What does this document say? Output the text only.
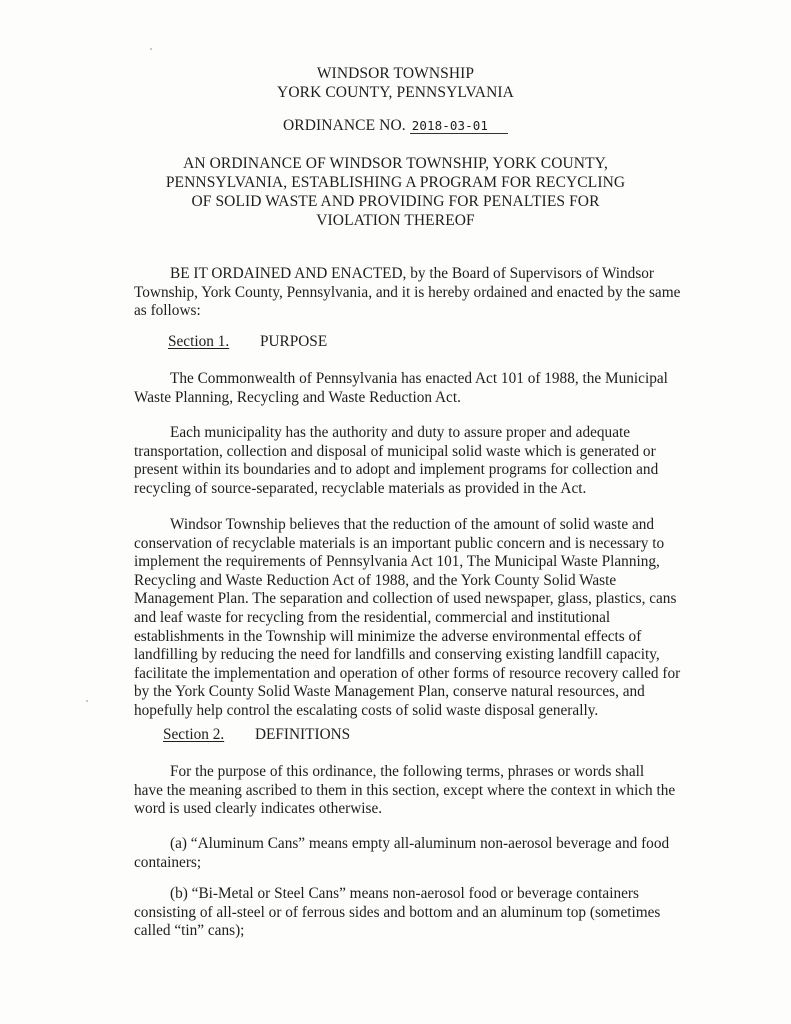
WINDSOR TOWNSHIP
YORK COUNTY, PENNSYLVANIA
ORDINANCE NO. 2018-03-01
AN ORDINANCE OF WINDSOR TOWNSHIP, YORK COUNTY,
PENNSYLVANIA, ESTABLISHING A PROGRAM FOR RECYCLING
OF SOLID WASTE AND PROVIDING FOR PENALTIES FOR
VIOLATION THEREOF
BE IT ORDAINED AND ENACTED, by the Board of Supervisors of Windsor
Township, York County, Pennsylvania, and it is hereby ordained and enacted by the same
as follows:
Section 1. PURPOSE
The Commonwealth of Pennsylvania has enacted Act 101 of 1988, the Municipal
Waste Planning, Recycling and Waste Reduction Act.
Each municipality has the authority and duty to assure proper and adequate
transportation, collection and disposal of municipal solid waste which is generated or
present within its boundaries and to adopt and implement programs for collection and
recycling of source-separated, recyclable materials as provided in the Act.
Windsor Township believes that the reduction of the amount of solid waste and
conservation of recyclable materials is an important public concern and is necessary to
implement the requirements of Pennsylvania Act 101, The Municipal Waste Planning,
Recycling and Waste Reduction Act of 1988, and the York County Solid Waste
Management Plan. The separation and collection of used newspaper, glass, plastics, cans
and leaf waste for recycling from the residential, commercial and institutional
establishments in the Township will minimize the adverse environmental effects of
landfilling by reducing the need for landfills and conserving existing landfill capacity,
facilitate the implementation and operation of other forms of resource recovery called for
by the York County Solid Waste Management Plan, conserve natural resources, and
hopefully help control the escalating costs of solid waste disposal generally.
Section 2. DEFINITIONS
For the purpose of this ordinance, the following terms, phrases or words shall
have the meaning ascribed to them in this section, except where the context in which the
word is used clearly indicates otherwise.
(a) “Aluminum Cans” means empty all-aluminum non-aerosol beverage and food
containers;
(b) “Bi-Metal or Steel Cans” means non-aerosol food or beverage containers
consisting of all-steel or of ferrous sides and bottom and an aluminum top (sometimes
called “tin” cans);
